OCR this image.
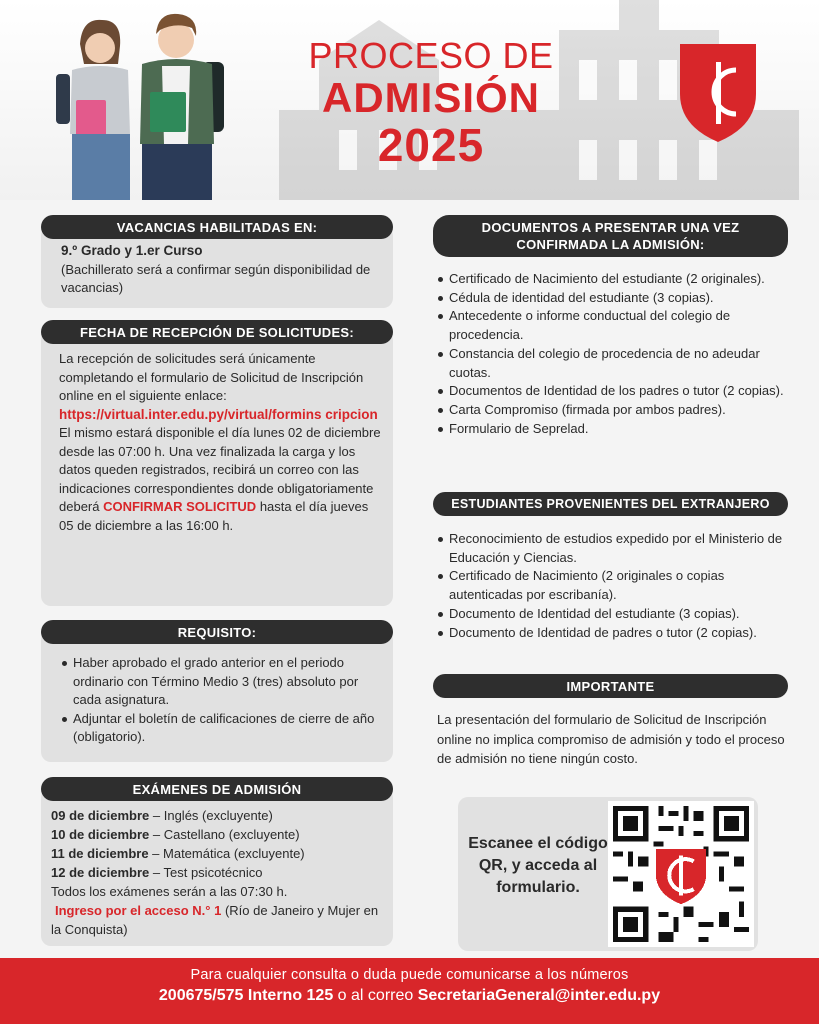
PROCESO DE
ADMISIÓN
2025
9.º Grado y 1.er Curso
(Bachillerato será a confirmar según disponibilidad de vacancias)
VACANCIAS HABILITADAS EN:
La recepción de solicitudes será únicamente completando el formulario de Solicitud de Inscripción online en el siguiente enlace:
https://virtual.inter.edu.py/virtual/formins cripcion
El mismo estará disponible el día lunes 02 de diciembre desde las 07:00 h. Una vez finalizada la carga y los datos queden registrados, recibirá un correo con las indicaciones correspondientes donde obligatoriamente deberá CONFIRMAR SOLICITUD hasta el día jueves 05 de diciembre a las 16:00 h.
FECHA DE RECEPCIÓN DE SOLICITUDES:
Haber aprobado el grado anterior en el periodo ordinario con Término Medio 3 (tres) absoluto por cada asignatura.
Adjuntar el boletín de calificaciones de cierre de año (obligatorio).
REQUISITO:
09 de diciembre – Inglés (excluyente)
10 de diciembre – Castellano (excluyente)
11 de diciembre – Matemática (excluyente)
12 de diciembre – Test psicotécnico
Todos los exámenes serán a las 07:30 h.
Ingreso por el acceso N.° 1 (Río de Janeiro y Mujer en la Conquista)
EXÁMENES DE ADMISIÓN
DOCUMENTOS A PRESENTAR UNA VEZ
CONFIRMADA LA ADMISIÓN:
Certificado de Nacimiento del estudiante (2 originales).
Cédula de identidad del estudiante (3 copias).
Antecedente o informe conductual del colegio de procedencia.
Constancia del colegio de procedencia de no adeudar cuotas.
Documentos de Identidad de los padres o tutor (2 copias).
Carta Compromiso (firmada por ambos padres).
Formulario de Seprelad.
ESTUDIANTES PROVENIENTES DEL EXTRANJERO
Reconocimiento de estudios expedido por el Ministerio de Educación y Ciencias.
Certificado de Nacimiento (2 originales o copias autenticadas por escribanía).
Documento de Identidad del estudiante (3 copias).
Documento de Identidad de padres o tutor (2 copias).
IMPORTANTE
La presentación del formulario de Solicitud de Inscripción online no implica compromiso de admisión y todo el proceso de admisión no tiene ningún costo.
Escanee el código QR, y acceda al formulario.
Para cualquier consulta o duda puede comunicarse a los números
200675/575 Interno 125 o al correo SecretariaGeneral@inter.edu.py
